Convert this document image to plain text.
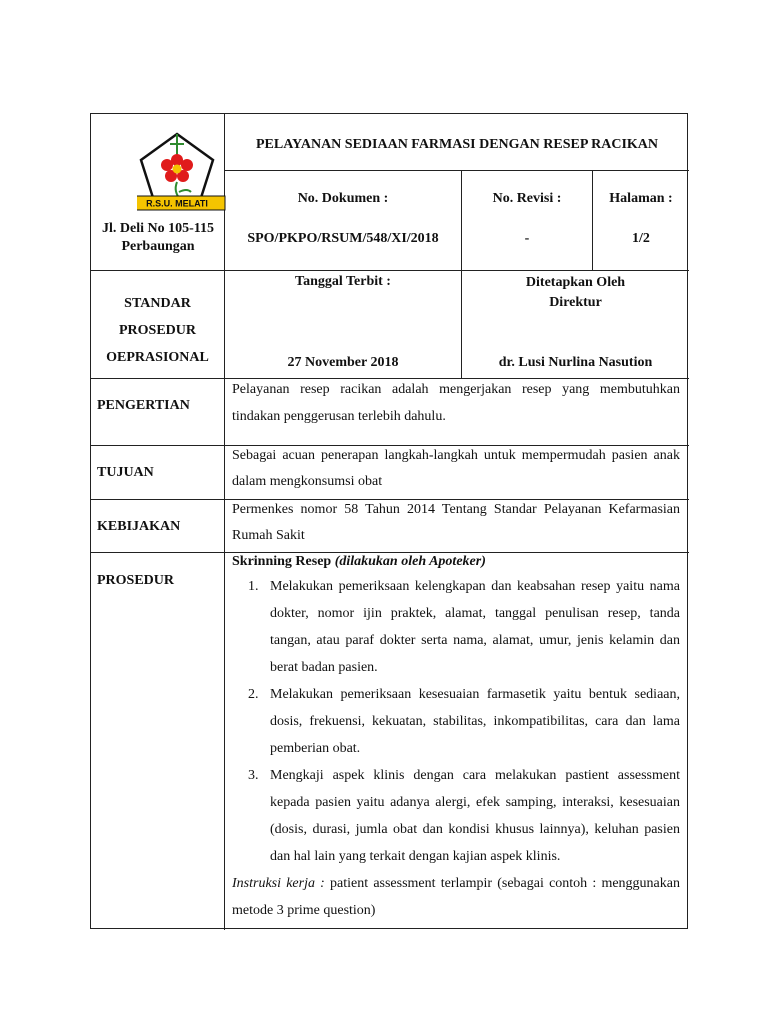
R.S.U. MELATI
Jl. Deli No 105-115 Perbaungan
PELAYANAN SEDIAAN FARMASI DENGAN RESEP RACIKAN
No. Dokumen :
SPO/PKPO/RSUM/548/XI/2018
No. Revisi :
-
Halaman :
1/2
STANDAR
PROSEDUR
OEPRASIONAL
Tanggal Terbit :
27 November 2018
Ditetapkan Oleh
Direktur
dr. Lusi Nurlina Nasution
PENGERTIAN
Pelayanan resep racikan adalah mengerjakan resep yang membutuhkan tindakan penggerusan terlebih dahulu.
TUJUAN
Sebagai acuan penerapan langkah-langkah untuk mempermudah pasien anak dalam mengkonsumsi obat
KEBIJAKAN
Permenkes nomor 58 Tahun 2014 Tentang Standar Pelayanan Kefarmasian Rumah Sakit
PROSEDUR
Skrinning Resep (dilakukan oleh Apoteker)
1. Melakukan pemeriksaan kelengkapan dan keabsahan resep yaitu nama dokter, nomor ijin praktek, alamat, tanggal penulisan resep, tanda tangan, atau paraf dokter serta nama, alamat, umur, jenis kelamin dan berat badan pasien.
2. Melakukan pemeriksaan kesesuaian farmasetik yaitu bentuk sediaan, dosis, frekuensi, kekuatan, stabilitas, inkompatibilitas, cara dan lama pemberian obat.
3. Mengkaji aspek klinis dengan cara melakukan pastient assessment kepada pasien yaitu adanya alergi, efek samping, interaksi, kesesuaian (dosis, durasi, jumla obat dan kondisi khusus lainnya), keluhan pasien dan hal lain yang terkait dengan kajian aspek klinis.
Instruksi kerja : patient assessment terlampir (sebagai contoh : menggunakan metode 3 prime question)
